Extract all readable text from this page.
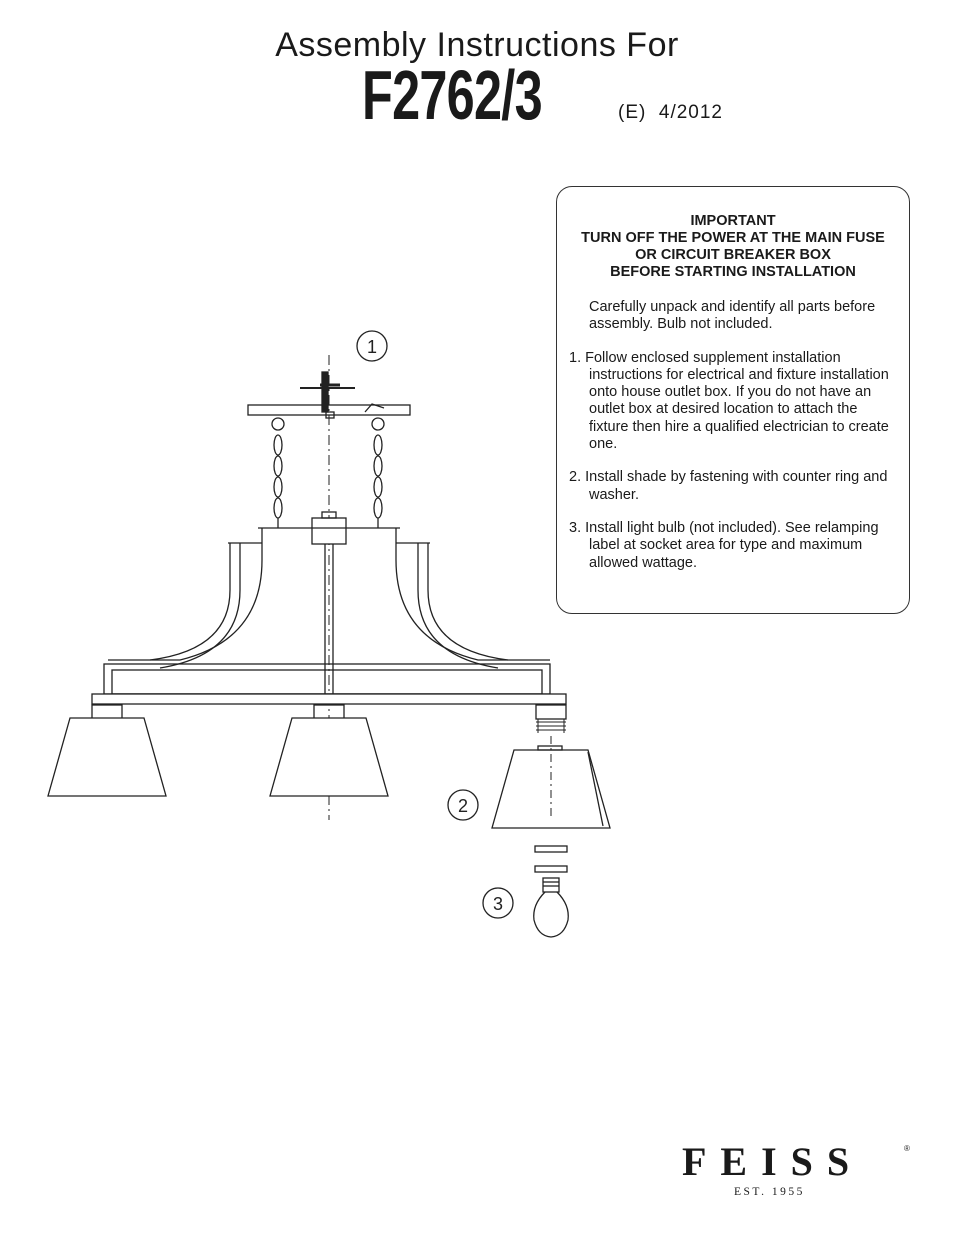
Assembly Instructions For
F2762/3	(E)  4/2012
IMPORTANT
TURN OFF THE POWER AT THE MAIN FUSE
OR CIRCUIT BREAKER BOX
BEFORE STARTING INSTALLATION

Carefully unpack and identify all parts before assembly. Bulb not included.

1. Follow enclosed supplement installation instructions for electrical and fixture installation onto house outlet box. If you do not have an outlet box at desired location to attach the fixture then hire a qualified electrician to create one.

2. Install shade by fastening with counter ring and washer.

3. Install light bulb (not included). See relamping label at socket area for type and maximum allowed wattage.

1
2
3
FEISS	®
EST. 1955
